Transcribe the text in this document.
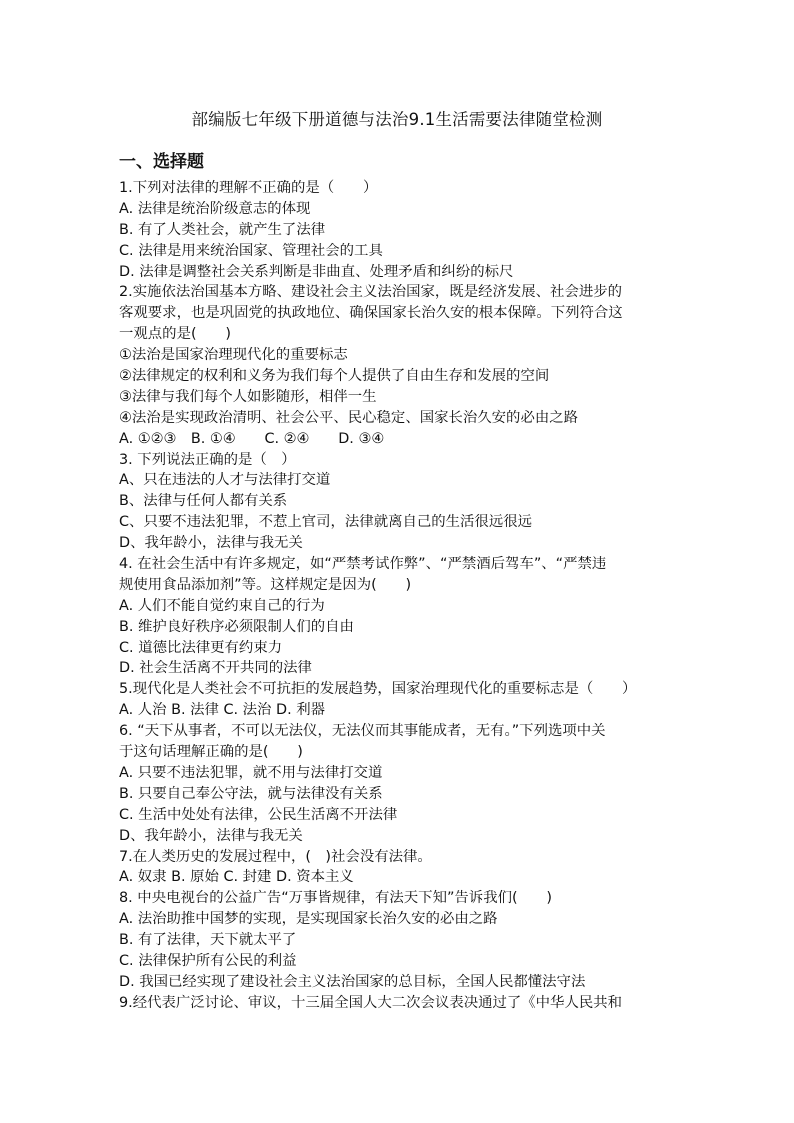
部编版七年级下册道德与法治9.1生活需要法律随堂检测
一、选择题
1.下列对法律的理解不正确的是（　　）
A. 法律是统治阶级意志的体现
B. 有了人类社会，就产生了法律
C. 法律是用来统治国家、管理社会的工具
D. 法律是调整社会关系判断是非曲直、处理矛盾和纠纷的标尺
2.实施依法治国基本方略、建设社会主义法治国家，既是经济发展、社会进步的
客观要求，也是巩固党的执政地位、确保国家长治久安的根本保障。下列符合这
一观点的是(　　)
①法治是国家治理现代化的重要标志
②法律规定的权利和义务为我们每个人提供了自由生存和发展的空间
③法律与我们每个人如影随形，相伴一生
④法治是实现政治清明、社会公平、民心稳定、国家长治久安的必由之路
A. ①②③　B. ①④　　C. ②④　　D. ③④
3. 下列说法正确的是（　）
A、只在违法的人才与法律打交道
B、法律与任何人都有关系
C、只要不违法犯罪，不惹上官司，法律就离自己的生活很远很远
D、我年龄小，法律与我无关
4. 在社会生活中有许多规定，如“严禁考试作弊”、“严禁酒后驾车”、“严禁违
规使用食品添加剂”等。这样规定是因为(　　)
A. 人们不能自觉约束自己的行为
B. 维护良好秩序必须限制人们的自由
C. 道德比法律更有约束力
D. 社会生活离不开共同的法律
5.现代化是人类社会不可抗拒的发展趋势，国家治理现代化的重要标志是（　　）
A. 人治 B. 法律 C. 法治 D. 利器
6. “天下从事者，不可以无法仪，无法仪而其事能成者，无有。”下列选项中关
于这句话理解正确的是(　　)
A. 只要不违法犯罪，就不用与法律打交道
B. 只要自己奉公守法，就与法律没有关系
C. 生活中处处有法律，公民生活离不开法律
D、我年龄小，法律与我无关
7.在人类历史的发展过程中，(　)社会没有法律。
A. 奴隶 B. 原始 C. 封建 D. 资本主义
8. 中央电视台的公益广告“万事皆规律，有法天下知”告诉我们(　　)
A. 法治助推中国梦的实现，是实现国家长治久安的必由之路
B. 有了法律，天下就太平了
C. 法律保护所有公民的利益
D. 我国已经实现了建设社会主义法治国家的总目标，全国人民都懂法守法
9.经代表广泛讨论、审议，十三届全国人大二次会议表决通过了《中华人民共和
